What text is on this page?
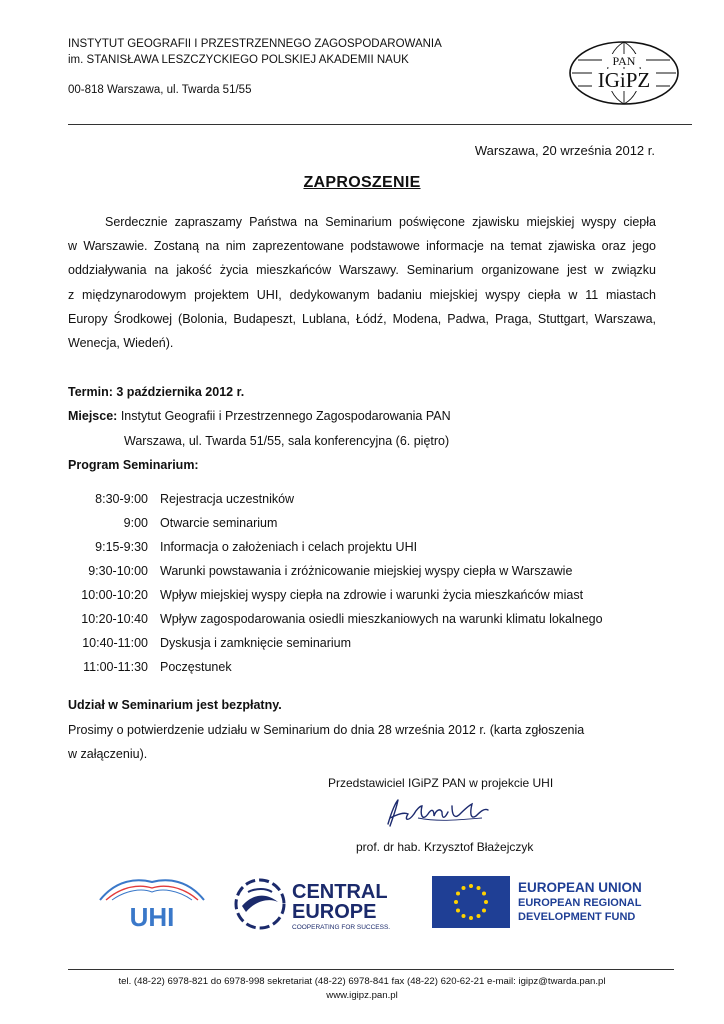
INSTYTUT GEOGRAFII I PRZESTRZENNEGO ZAGOSPODAROWANIA
im. STANISŁAWA LESZCZYCKIEGO POLSKIEJ AKADEMII NAUK
00-818 Warszawa, ul. Twarda 51/55
PAN
IGiPZ
Warszawa, 20 września 2012 r.
ZAPROSZENIE
Serdecznie zapraszamy Państwa na Seminarium poświęcone zjawisku miejskiej wyspy ciepła
w Warszawie. Zostaną na nim zaprezentowane podstawowe informacje na temat zjawiska oraz jego
oddziaływania na jakość życia mieszkańców Warszawy. Seminarium organizowane jest w związku
z międzynarodowym projektem UHI, dedykowanym badaniu miejskiej wyspy ciepła w 11 miastach
Europy Środkowej (Bolonia, Budapeszt, Lublana, Łódź, Modena, Padwa, Praga, Stuttgart, Warszawa,
Wenecja, Wiedeń).
Termin: 3 października 2012 r.
Miejsce: Instytut Geografii i Przestrzennego Zagospodarowania PAN
Warszawa, ul. Twarda 51/55, sala konferencyjna (6. piętro)
Program Seminarium:
8:30-9:00 Rejestracja uczestników
9:00 Otwarcie seminarium
9:15-9:30 Informacja o założeniach i celach projektu UHI
9:30-10:00 Warunki powstawania i zróżnicowanie miejskiej wyspy ciepła w Warszawie
10:00-10:20 Wpływ miejskiej wyspy ciepła na zdrowie i warunki życia mieszkańców miast
10:20-10:40 Wpływ zagospodarowania osiedli mieszkaniowych na warunki klimatu lokalnego
10:40-11:00 Dyskusja i zamknięcie seminarium
11:00-11:30 Poczęstunek
Udział w Seminarium jest bezpłatny.
Prosimy o potwierdzenie udziału w Seminarium do dnia 28 września 2012 r. (karta zgłoszenia
w załączeniu).
Przedstawiciel IGiPZ PAN w projekcie UHI
prof. dr hab. Krzysztof Błażejczyk
UHI
CENTRAL
EUROPE
COOPERATING FOR SUCCESS.
EUROPEAN UNION
EUROPEAN REGIONAL
DEVELOPMENT FUND
tel. (48-22) 6978-821 do 6978-998 sekretariat (48-22) 6978-841 fax (48-22) 620-62-21 e-mail: igipz@twarda.pan.pl
www.igipz.pan.pl
